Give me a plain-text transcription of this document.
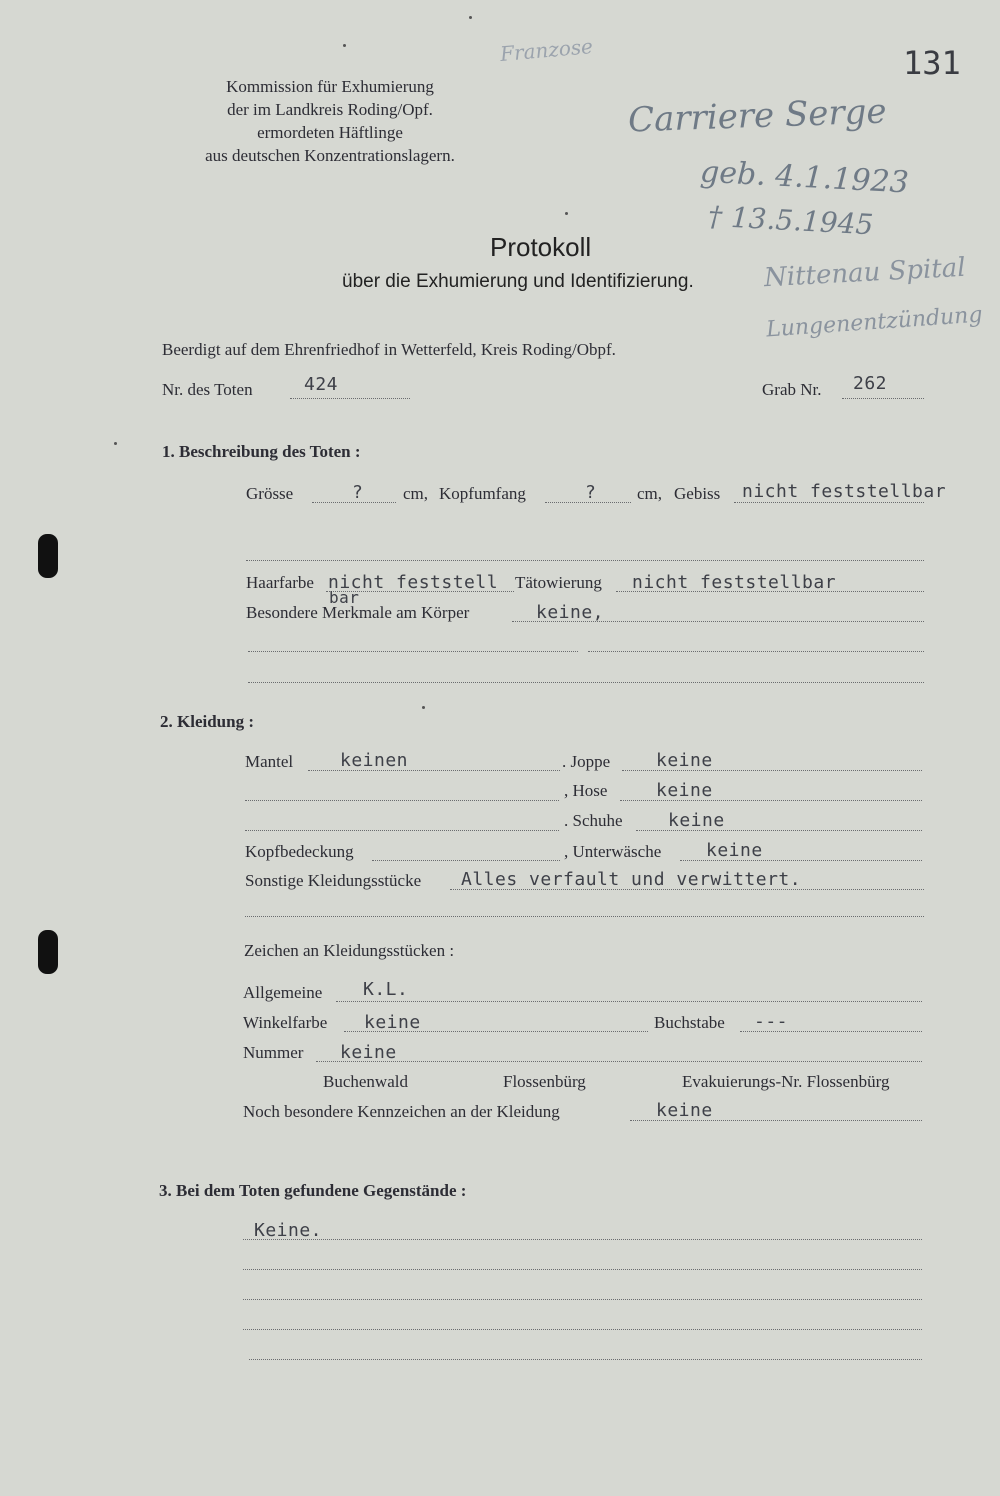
131
Kommission für Exhumierung
der im Landkreis Roding/Opf.
ermordeten Häftlinge
aus deutschen Konzentrationslagern.
Franzose
Carriere Serge
geb. 4.1.1923
† 13.5.1945
Nittenau Spital
Lungenentzündung
Protokoll
über die Exhumierung und Identifizierung.
Beerdigt auf dem Ehrenfriedhof in Wetterfeld, Kreis Roding/Obpf.
Nr. des Toten	424	Grab Nr. 262
1. Beschreibung des Toten :
Grösse	? cm, Kopfumfang	? cm, Gebiss nicht feststellbar
Haarfarbe nicht feststell
bar
Tätowierung nicht feststellbar
Besondere Merkmale am Körper	keine,
2. Kleidung :
Mantel	keinen	. Joppe	keine
, Hose	keine
. Schuhe	keine
Kopfbedeckung	, Unterwäsche keine
Sonstige Kleidungsstücke Alles verfault und verwittert.
Zeichen an Kleidungsstücken :
Allgemeine K.L.
Winkelfarbe keine	Buchstabe ---
Nummer keine
Buchenwald	Flossenbürg	Evakuierungs-Nr. Flossenbürg
Noch besondere Kennzeichen an der Kleidung	keine
3. Bei dem Toten gefundene Gegenstände :
Keine.
